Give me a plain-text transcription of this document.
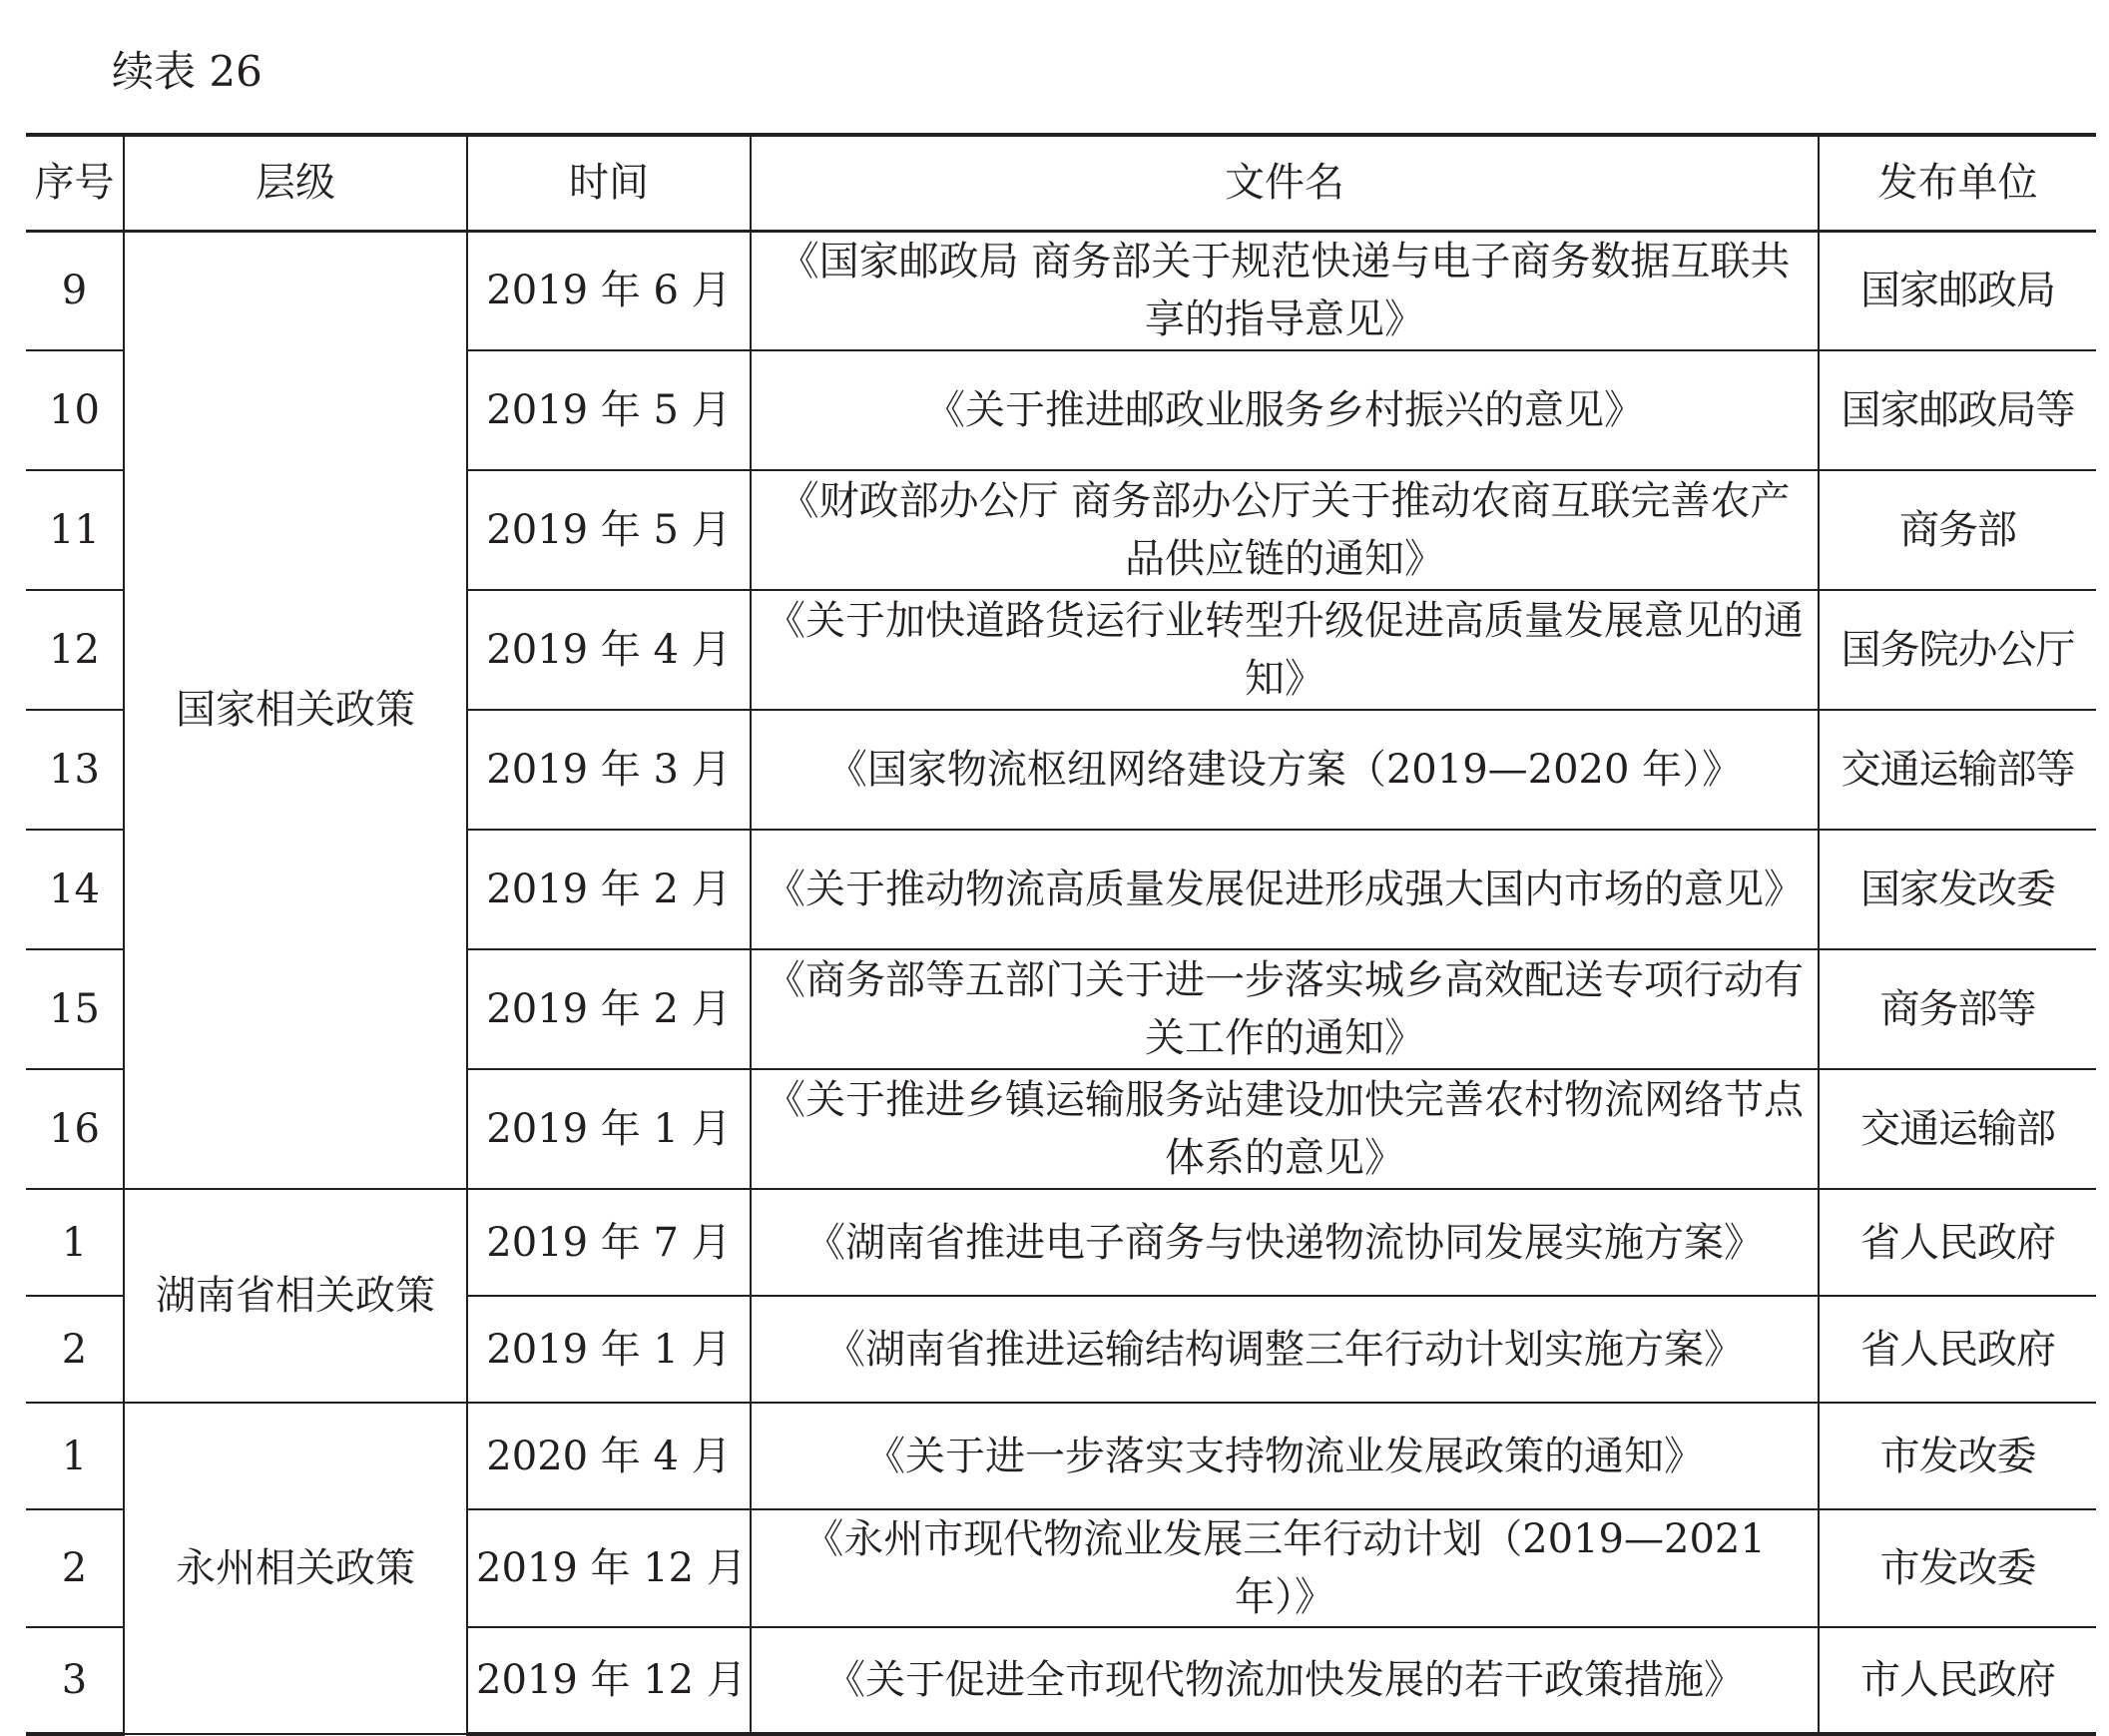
续表 26
序号	层级	时间	文件名	发布单位
9	国家相关政策	2019 年 6 月	《国家邮政局 商务部关于规范快递与电子商务数据互联共享的指导意见》	国家邮政局
10		2019 年 5 月	《关于推进邮政业服务乡村振兴的意见》	国家邮政局等
11		2019 年 5 月	《财政部办公厅 商务部办公厅关于推动农商互联完善农产品供应链的通知》	商务部
12		2019 年 4 月	《关于加快道路货运行业转型升级促进高质量发展意见的通知》	国务院办公厅
13		2019 年 3 月	《国家物流枢纽网络建设方案（2019—2020 年）》	交通运输部等
14		2019 年 2 月	《关于推动物流高质量发展促进形成强大国内市场的意见》	国家发改委
15		2019 年 2 月	《商务部等五部门关于进一步落实城乡高效配送专项行动有关工作的通知》	商务部等
16		2019 年 1 月	《关于推进乡镇运输服务站建设加快完善农村物流网络节点体系的意见》	交通运输部
1	湖南省相关政策	2019 年 7 月	《湖南省推进电子商务与快递物流协同发展实施方案》	省人民政府
2		2019 年 1 月	《湖南省推进运输结构调整三年行动计划实施方案》	省人民政府
1	永州相关政策	2020 年 4 月	《关于进一步落实支持物流业发展政策的通知》	市发改委
2		2019 年 12 月	《永州市现代物流业发展三年行动计划（2019—2021 年）》	市发改委
3		2019 年 12 月	《关于促进全市现代物流加快发展的若干政策措施》	市人民政府
